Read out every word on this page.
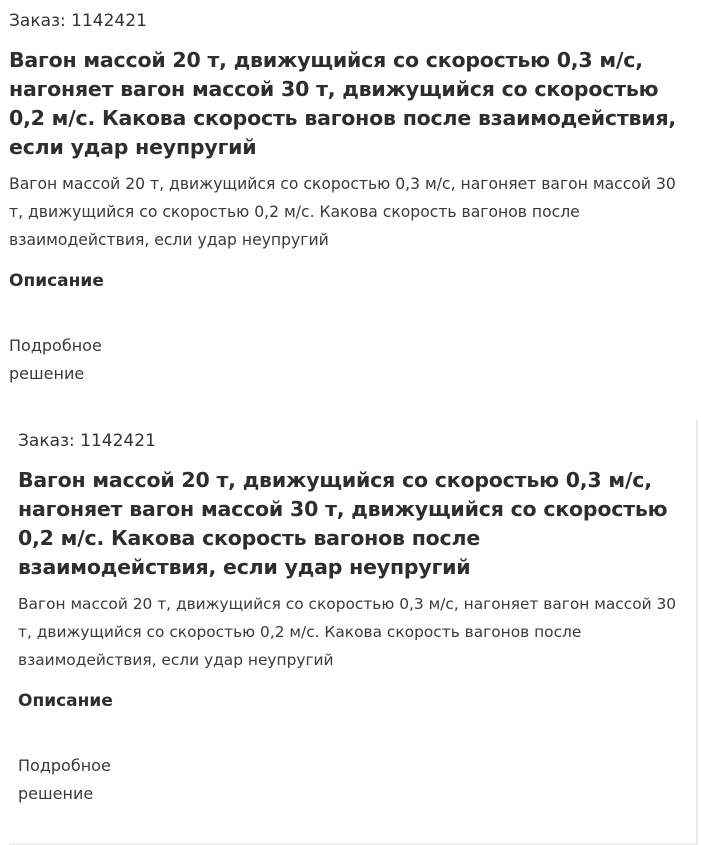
Заказ: 1142421

Вагон массой 20 т, движущийся со скоростью 0,3 м/с, нагоняет вагон массой 30 т, движущийся со скоростью 0,2 м/с. Какова скорость вагонов после взаимодействия, если удар неупругий

Вагон массой 20 т, движущийся со скоростью 0,3 м/с, нагоняет вагон массой 30 т, движущийся со скоростью 0,2 м/с. Какова скорость вагонов после взаимодействия, если удар неупругий

Описание

Подробное решение

Заказ: 1142421

Вагон массой 20 т, движущийся со скоростью 0,3 м/с, нагоняет вагон массой 30 т, движущийся со скоростью 0,2 м/с. Какова скорость вагонов после взаимодействия, если удар неупругий

Вагон массой 20 т, движущийся со скоростью 0,3 м/с, нагоняет вагон массой 30 т, движущийся со скоростью 0,2 м/с. Какова скорость вагонов после взаимодействия, если удар неупругий

Описание

Подробное решение
